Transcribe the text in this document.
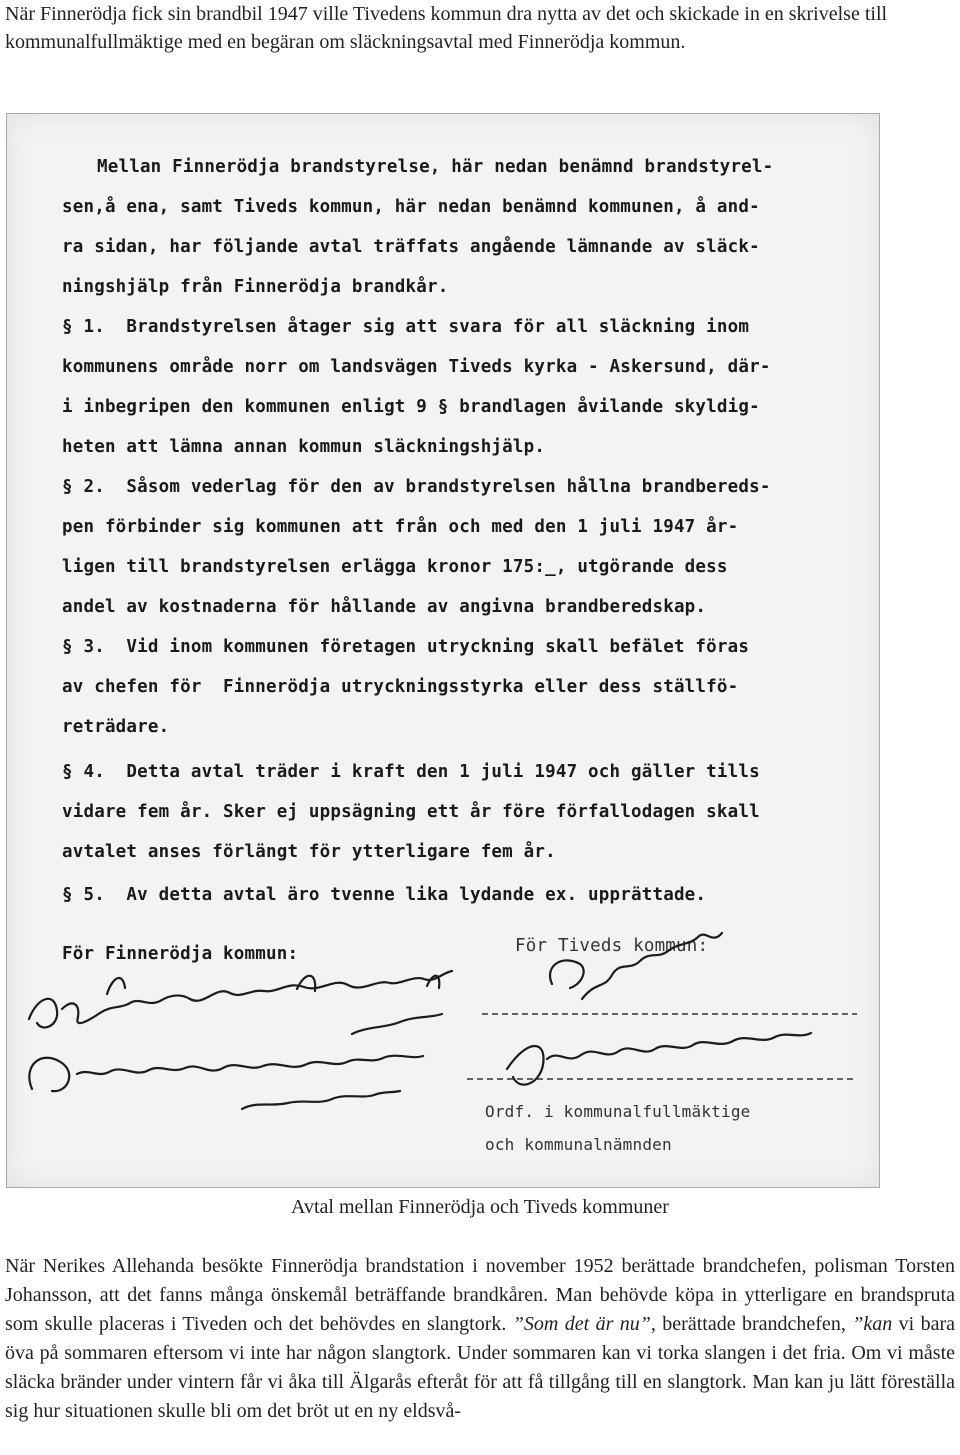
När Finnerödja fick sin brandbil 1947 ville Tivedens kommun dra nytta av det och skickade in en skrivelse till kommunalfullmäktige med en begäran om släckningsavtal med Finnerödja kommun.

Mellan Finnerödja brandstyrelse, här nedan benämnd brandstyrel-
sen,å ena, samt Tiveds kommun, här nedan benämnd kommunen, å and-
ra sidan, har följande avtal träffats angående lämnande av släck-
ningshjälp från Finnerödja brandkår.
§ 1.  Brandstyrelsen åtager sig att svara för all släckning inom
kommunens område norr om landsvägen Tiveds kyrka - Askersund, där-
i inbegripen den kommunen enligt 9 § brandlagen åvilande skyldig-
heten att lämna annan kommun släckningshjälp.
§ 2.  Såsom vederlag för den av brandstyrelsen hållna brandbereds-
pen förbinder sig kommunen att från och med den 1 juli 1947 år-
ligen till brandstyrelsen erlägga kronor 175:_, utgörande dess
andel av kostnaderna för hållande av angivna brandberedskap.
§ 3.  Vid inom kommunen företagen utryckning skall befälet föras
av chefen för  Finnerödja utryckningsstyrka eller dess ställfö-
reträdare.
§ 4.  Detta avtal träder i kraft den 1 juli 1947 och gäller tills
vidare fem år. Sker ej uppsägning ett år före förfallodagen skall
avtalet anses förlängt för ytterligare fem år.
§ 5.  Av detta avtal äro tvenne lika lydande ex. upprättade.
För Finnerödja kommun:	För Tiveds kommun:
Ordf. i kommunalfullmäktige
och kommunalnämnden

Avtal mellan Finnerödja och Tiveds kommuner

När Nerikes Allehanda besökte Finnerödja brandstation i november 1952 berättade brandchefen, polisman Torsten Johansson, att det fanns många önskemål beträffande brandkåren. Man behövde köpa in ytterligare en brandspruta som skulle placeras i Tiveden och det behövdes en slangtork. ”Som det är nu”, berättade brandchefen, ”kan vi bara öva på sommaren eftersom vi inte har någon slangtork. Under sommaren kan vi torka slangen i det fria. Om vi måste släcka bränder under vintern får vi åka till Älgarås efteråt för att få tillgång till en slangtork. Man kan ju lätt föreställa sig hur situationen skulle bli om det bröt ut en ny eldsvå-
